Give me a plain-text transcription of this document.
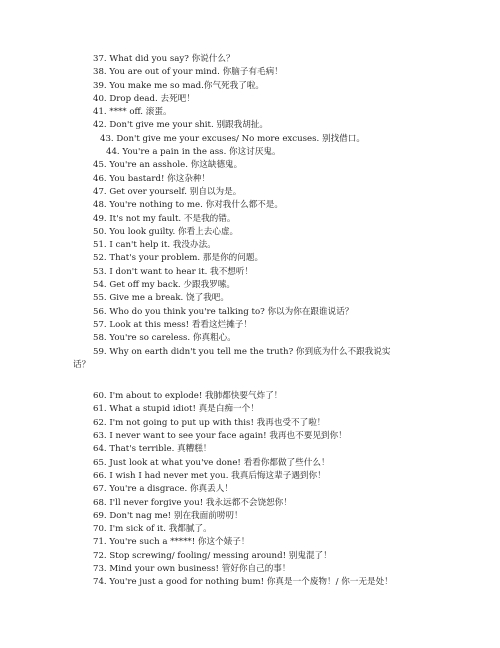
37. What did you say? 你说什么？
38. You are out of your mind. 你脑子有毛病！
39. You make me so mad.你气死我了啦。
40. Drop dead. 去死吧！
41. **** off. 滚蛋。
42. Don't give me your shit. 别跟我胡扯。
43. Don't give me your excuses/ No more excuses. 别找借口。
44. You're a pain in the ass. 你这讨厌鬼。
45. You're an asshole. 你这缺德鬼。
46. You bastard! 你这杂种！
47. Get over yourself. 别自以为是。
48. You're nothing to me. 你对我什么都不是。
49. It's not my fault. 不是我的错。
50. You look guilty. 你看上去心虚。
51. I can't help it. 我没办法。
52. That's your problem. 那是你的问题。
53. I don't want to hear it. 我不想听！
54. Get off my back. 少跟我罗嗦。
55. Give me a break. 饶了我吧。
56. Who do you think you're talking to? 你以为你在跟谁说话？
57. Look at this mess! 看看这烂摊子！
58. You're so careless. 你真粗心。
59. Why on earth didn't you tell me the truth? 你到底为什么不跟我说实
话？
60. I'm about to explode! 我肺都快要气炸了！
61. What a stupid idiot! 真是白痴一个！
62. I'm not going to put up with this! 我再也受不了啦！
63. I never want to see your face again! 我再也不要见到你！
64. That's terrible. 真糟糕！
65. Just look at what you've done! 看看你都做了些什么！
66. I wish I had never met you. 我真后悔这辈子遇到你！
67. You're a disgrace. 你真丢人！
68. I'll never forgive you! 我永远都不会饶恕你！
69. Don't nag me! 别在我面前唠叨！
70. I'm sick of it. 我都腻了。
71. You're such a *****! 你这个婊子！
72. Stop screwing/ fooling/ messing around! 别鬼混了！
73. Mind your own business! 管好你自己的事！
74. You're just a good for nothing bum! 你真是一个废物！/ 你一无是处！
